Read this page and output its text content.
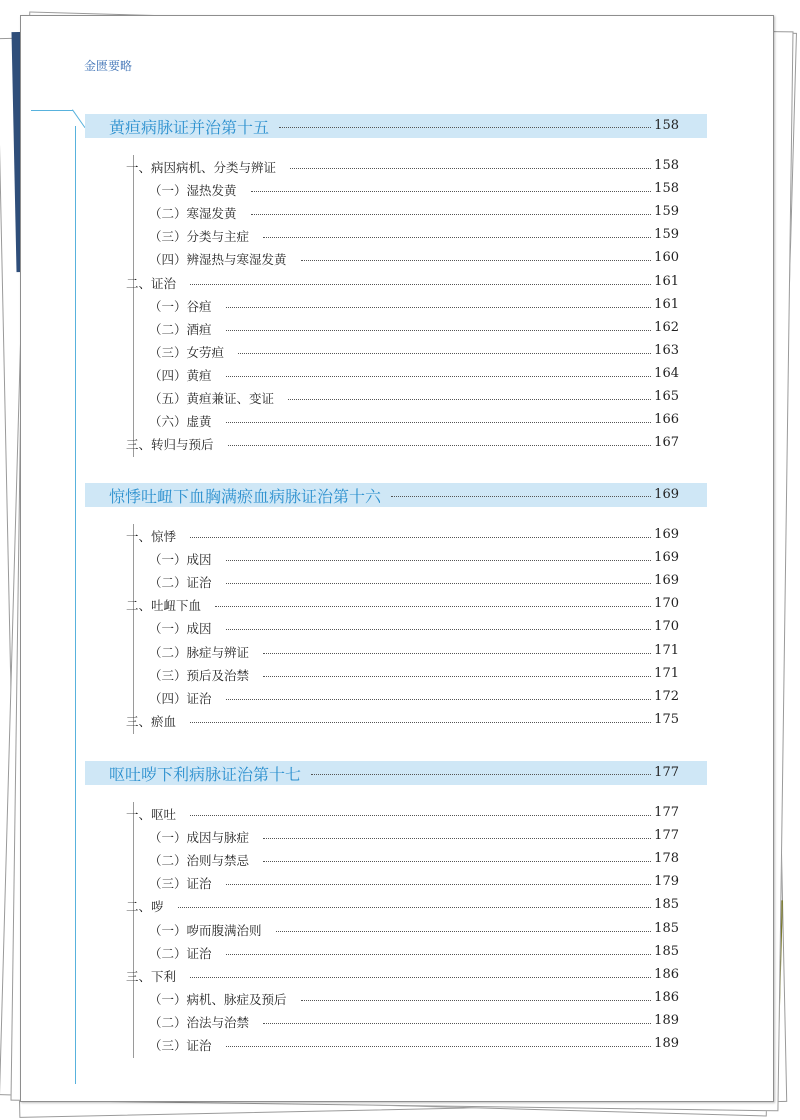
金匮要略
黄疸病脉证并治第十五	158
一、病因病机、分类与辨证	158
（一）湿热发黄	158
（二）寒湿发黄	159
（三）分类与主症	159
（四）辨湿热与寒湿发黄	160
二、证治	161
（一）谷疸	161
（二）酒疸	162
（三）女劳疸	163
（四）黄疸	164
（五）黄疸兼证、变证	165
（六）虚黄	166
三、转归与预后	167
惊悸吐衄下血胸满瘀血病脉证治第十六	169
一、惊悸	169
（一）成因	169
（二）证治	169
二、吐衄下血	170
（一）成因	170
（二）脉症与辨证	171
（三）预后及治禁	171
（四）证治	172
三、瘀血	175
呕吐哕下利病脉证治第十七	177
一、呕吐	177
（一）成因与脉症	177
（二）治则与禁忌	178
（三）证治	179
二、哕	185
（一）哕而腹满治则	185
（二）证治	185
三、下利	186
（一）病机、脉症及预后	186
（二）治法与治禁	189
（三）证治	189
